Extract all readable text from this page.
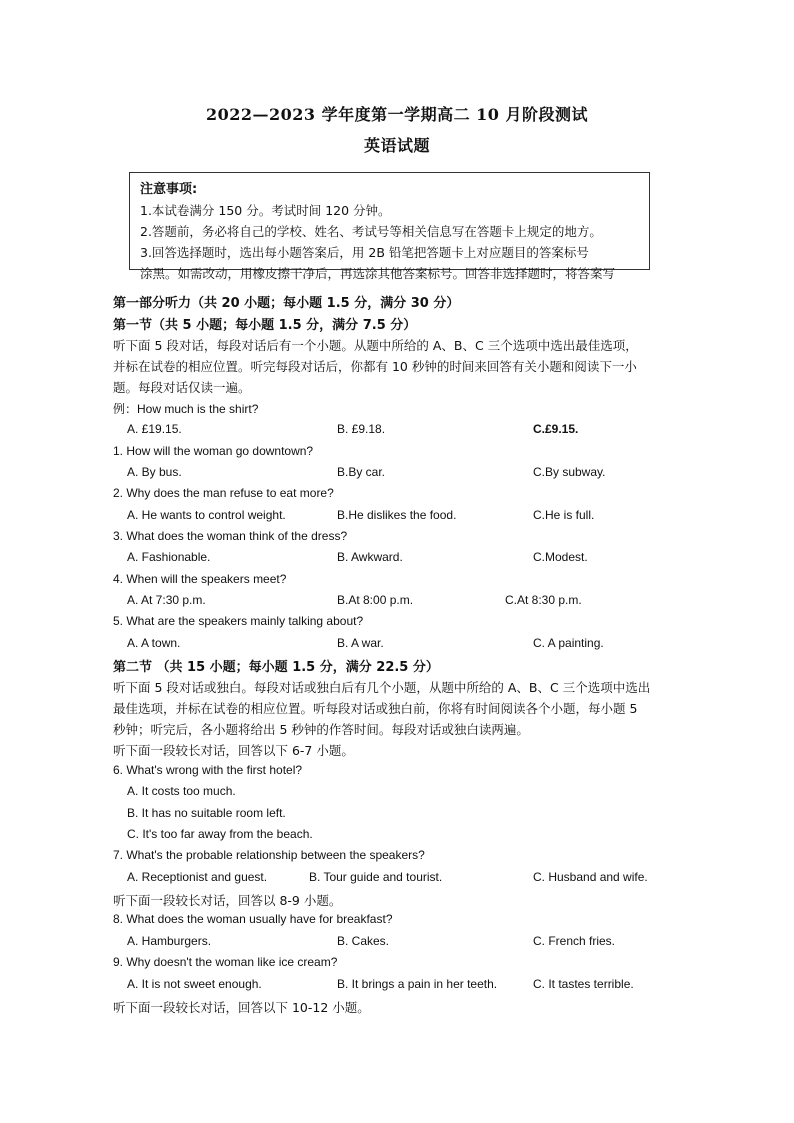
2022—2023 学年度第一学期高二 10 月阶段测试
英语试题
注意事项:
1.本试卷满分 150 分。考试时间 120 分钟。
2.答题前，务必将自己的学校、姓名、考试号等相关信息写在答题卡上规定的地方。
3.回答选择题时，选出每小题答案后，用 2B 铅笔把答题卡上对应题目的答案标号
涂黑。如需改动，用橡皮擦干净后，再选涂其他答案标号。回答非选择题时，将答案写
第一部分听力（共 20 小题；每小题 1.5 分，满分 30 分）
第一节（共 5 小题；每小题 1.5 分，满分 7.5 分）
听下面 5 段对话，每段对话后有一个小题。从题中所给的 A、B、C 三个选项中选出最佳选项，
并标在试卷的相应位置。听完每段对话后，你都有 10 秒钟的时间来回答有关小题和阅读下一小
题。每段对话仅读一遍。
例：How much is the shirt?
A. £19.15.	B. £9.18.	C.£9.15.
1. How will the woman go downtown?
A. By bus.	B.By car.	C.By subway.
2. Why does the man refuse to eat more?
A. He wants to control weight.	B.He dislikes the food.	C.He is full.
3. What does the woman think of the dress?
A. Fashionable.	B. Awkward.	C.Modest.
4. When will the speakers meet?
A. At 7:30 p.m.	B.At 8:00 p.m.	C.At 8:30 p.m.
5. What are the speakers mainly talking about?
A. A town.	B. A war.	C. A painting.
第二节 （共 15 小题；每小题 1.5 分，满分 22.5 分）
听下面 5 段对话或独白。每段对话或独白后有几个小题，从题中所给的 A、B、C 三个选项中选出
最佳选项，并标在试卷的相应位置。听每段对话或独白前，你将有时间阅读各个小题，每小题 5
秒钟；听完后，各小题将给出 5 秒钟的作答时间。每段对话或独白读两遍。
听下面一段较长对话，回答以下 6-7 小题。
6. What's wrong with the first hotel?
A. It costs too much.
B. It has no suitable room left.
C. It's too far away from the beach.
7. What's the probable relationship between the speakers?
A. Receptionist and guest.	B. Tour guide and tourist.	C. Husband and wife.
听下面一段较长对话，回答以 8-9 小题。
8. What does the woman usually have for breakfast?
A. Hamburgers.	B. Cakes.	C. French fries.
9. Why doesn't the woman like ice cream?
A. It is not sweet enough.	B. It brings a pain in her teeth.	C. It tastes terrible.
听下面一段较长对话，回答以下 10-12 小题。
